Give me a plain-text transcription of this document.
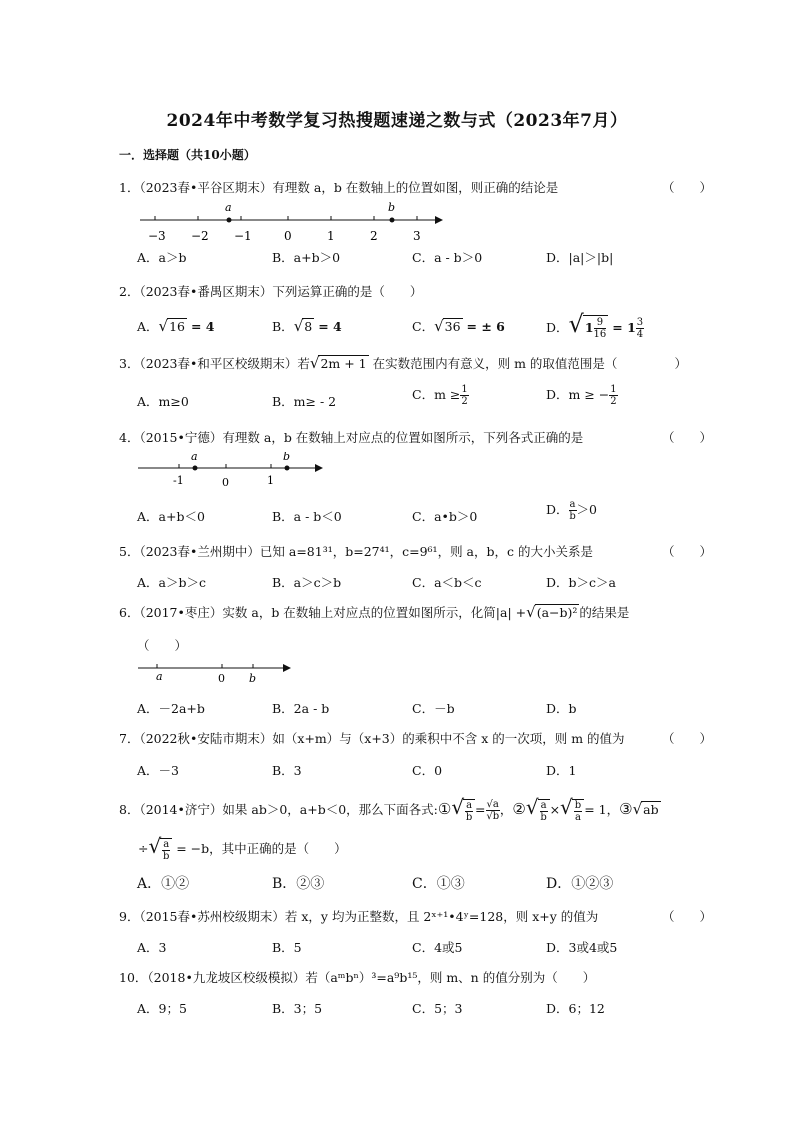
2024年中考数学复习热搜题速递之数与式（2023年7月）
一．选择题（共10小题）
1．（2023春•平谷区期末）有理数 a，b 在数轴上的位置如图，则正确的结论是	（　　）
−3 −2 −1	0	1	2	3
a	b
A．a＞b	B．a+b＞0	C．a - b＞0	D．|a|＞|b|
2．（2023春•番禺区期末）下列运算正确的是（　　）
A．√16 = 4	B．√8 = 4	C．√36 = ± 6	D．$√1 \frac{9}{16} = 1 \frac{3}{4}$
3．（2023春•和平区校级期末）若√2m + 1 在实数范围内有意义，则 m 的取值范围是（	　）
A．m≥0	B．m≥ - 2	C．$m \ge \frac{1}{2}$	D．m ≥ − $\frac{1}{2}$
4．（2015•宁德）有理数 a，b 在数轴上对应点的位置如图所示，下列各式正确的是	（　　）
-1	0	1
a	b
A．a+b＜0	B．a - b＜0	C．a•b＞0	D． $\frac{a}{b} >0$
5．（2023春•兰州期中）已知 a=81³¹，b=27⁴¹，c=9⁶¹，则 a，b，c 的大小关系是	（　　）
A．a＞b＞c	B．a＞c＞b	C．a＜b＜c	D．b＞c＞a
6．（2017•枣庄）实数 a，b 在数轴上对应点的位置如图所示，化简|a| +√(a−b)² 的结果是
（　　）
a	0 b
A．－2a+b	B．2a - b	C．－b	D．b
7．（2022秋•安陆市期末）如（x+m）与（x+3）的乘积中不含 x 的一次项，则 m 的值为	（　　）
A．－3	B．3	C．0	D．1
8．（2014•济宁）如果 ab＞0，a+b＜0，那么下面各式:①√ $\frac{a}{b} = \frac{√a}{√b}$ ，②√ $\frac{a}{b}$ ×√ $\frac{b}{a} = 1$，③√ab
÷√ $\frac{a}{b} = -b$，其中正确的是（　　）
A．①②	B．②③	C．①③	D．①②③
9．（2015春•苏州校级期末）若 x，y 均为正整数，且 2ˣ⁺¹•4ʸ=128，则 x+y 的值为	（　　）
A．3	B．5	C．4或5	D．3或4或5
10．（2018•九龙坡区校级模拟）若（aᵐbⁿ）³=a⁹b¹⁵，则 m、n 的值分别为（　　）
A．9；5	B．3；5	C．5；3	D．6；12
